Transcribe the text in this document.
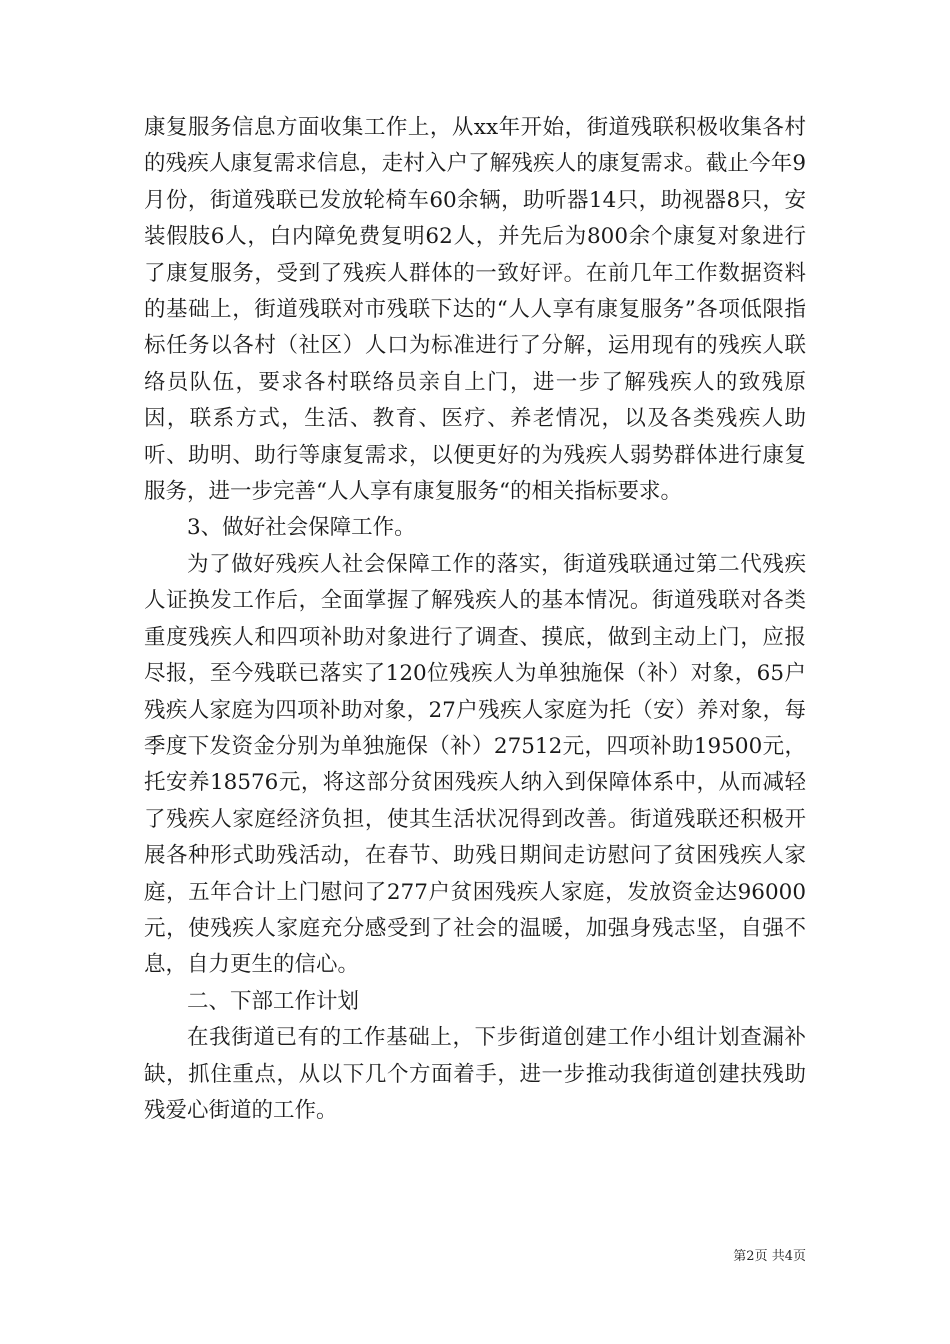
康复服务信息方面收集工作上，从xx年开始，街道残联积极收集各村的残疾人康复需求信息，走村入户了解残疾人的康复需求。截止今年9月份，街道残联已发放轮椅车60余辆，助听器14只，助视器8只，安装假肢6人，白内障免费复明62人，并先后为800余个康复对象进行了康复服务，受到了残疾人群体的一致好评。在前几年工作数据资料的基础上，街道残联对市残联下达的“人人享有康复服务”各项低限指标任务以各村（社区）人口为标准进行了分解，运用现有的残疾人联络员队伍，要求各村联络员亲自上门，进一步了解残疾人的致残原因，联系方式，生活、教育、医疗、养老情况，以及各类残疾人助听、助明、助行等康复需求，以便更好的为残疾人弱势群体进行康复服务，进一步完善“人人享有康复服务“的相关指标要求。

3、做好社会保障工作。

为了做好残疾人社会保障工作的落实，街道残联通过第二代残疾人证换发工作后，全面掌握了解残疾人的基本情况。街道残联对各类重度残疾人和四项补助对象进行了调查、摸底，做到主动上门，应报尽报，至今残联已落实了120位残疾人为单独施保（补）对象，65户残疾人家庭为四项补助对象，27户残疾人家庭为托（安）养对象，每季度下发资金分别为单独施保（补）27512元，四项补助19500元，托安养18576元，将这部分贫困残疾人纳入到保障体系中，从而减轻了残疾人家庭经济负担，使其生活状况得到改善。街道残联还积极开展各种形式助残活动，在春节、助残日期间走访慰问了贫困残疾人家庭，五年合计上门慰问了277户贫困残疾人家庭，发放资金达96000元，使残疾人家庭充分感受到了社会的温暖，加强身残志坚，自强不息，自力更生的信心。

二、下部工作计划

在我街道已有的工作基础上，下步街道创建工作小组计划查漏补缺，抓住重点，从以下几个方面着手，进一步推动我街道创建扶残助残爱心街道的工作。

第2页 共4页
